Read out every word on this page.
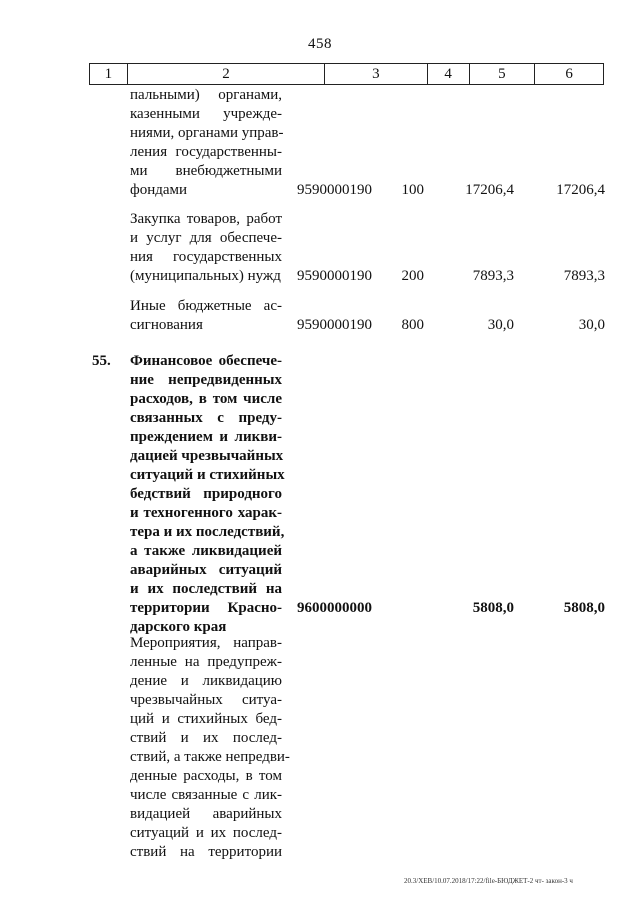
458
1	2	3	4	5	6
пальными) органами,
казенными учрежде-
ниями, органами управ-
ления государственны-
ми внебюджетными
фондами	9590000190 100	17206,4	17206,4
Закупка товаров, работ
и услуг для обеспече-
ния государственных
(муниципальных) нужд 9590000190 200	7893,3	7893,3
Иные бюджетные ас-
сигнования	9590000190 800	30,0	30,0
55. Финансовое обеспече-
ние непредвиденных
расходов, в том числе
связанных с преду-
преждением и ликви-
дацией чрезвычайных
ситуаций и стихийных
бедствий природного
и техногенного харак-
тера и их последствий,
а также ликвидацией
аварийных ситуаций
и их последствий на
территории Красно-
дарского края
9600000000	5808,0	5808,0
Мероприятия, направ-
ленные на предупреж-
дение и ликвидацию
чрезвычайных ситуа-
ций и стихийных бед-
ствий и их послед-
ствий, а также непредви-
денные расходы, в том
числе связанные с лик-
видацией аварийных
ситуаций и их послед-
ствий на территории
20.3/ХЕВ/10.07.2018/17:22/file-БЮДЖЕТ-2 чт- закон-3 ч
